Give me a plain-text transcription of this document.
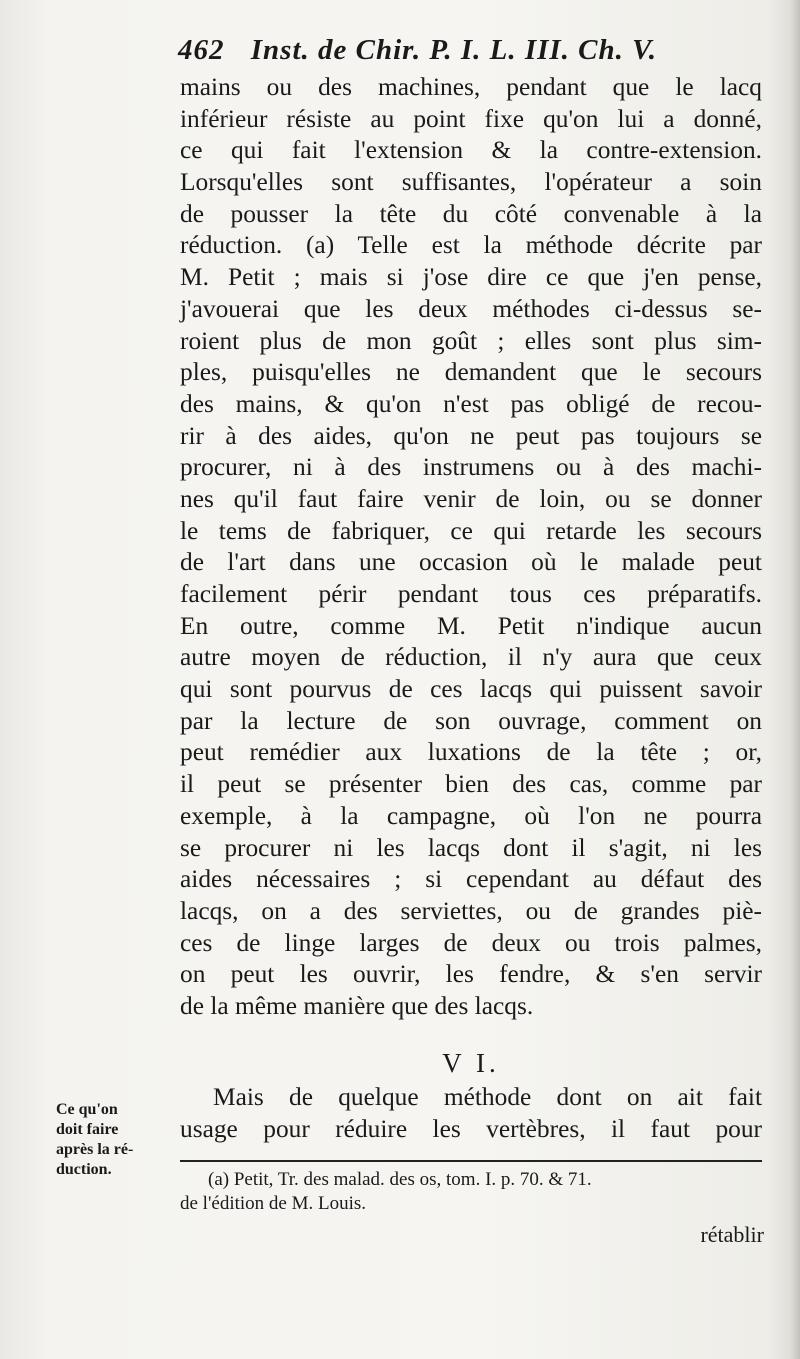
462 Inst. de Chir. P. I. L. III. Ch. V.
mains ou des machines, pendant que le lacq
inférieur résiste au point fixe qu'on lui a donné,
ce qui fait l'extension & la contre-extension.
Lorsqu'elles sont suffisantes, l'opérateur a soin
de pousser la tête du côté convenable à la
réduction. (a) Telle est la méthode décrite par
M. Petit ; mais si j'ose dire ce que j'en pense,
j'avouerai que les deux méthodes ci-dessus se-
roient plus de mon goût ; elles sont plus sim-
ples, puisqu'elles ne demandent que le secours
des mains, & qu'on n'est pas obligé de recou-
rir à des aides, qu'on ne peut pas toujours se
procurer, ni à des instrumens ou à des machi-
nes qu'il faut faire venir de loin, ou se donner
le tems de fabriquer, ce qui retarde les secours
de l'art dans une occasion où le malade peut
facilement périr pendant tous ces préparatifs.
En outre, comme M. Petit n'indique aucun
autre moyen de réduction, il n'y aura que ceux
qui sont pourvus de ces lacqs qui puissent savoir
par la lecture de son ouvrage, comment on
peut remédier aux luxations de la tête ; or,
il peut se présenter bien des cas, comme par
exemple, à la campagne, où l'on ne pourra
se procurer ni les lacqs dont il s'agit, ni les
aides nécessaires ; si cependant au défaut des
lacqs, on a des serviettes, ou de grandes piè-
ces de linge larges de deux ou trois palmes,
on peut les ouvrir, les fendre, & s'en servir
de la même manière que des lacqs.
V I.
Mais de quelque méthode dont on ait fait
usage pour réduire les vertèbres, il faut pour
Ce qu'on
doit faire
après la ré-
duction.	(a) Petit, Tr. des malad. des os, tom. I. p. 70. & 71.
de l'édition de M. Louis.
rétablir
